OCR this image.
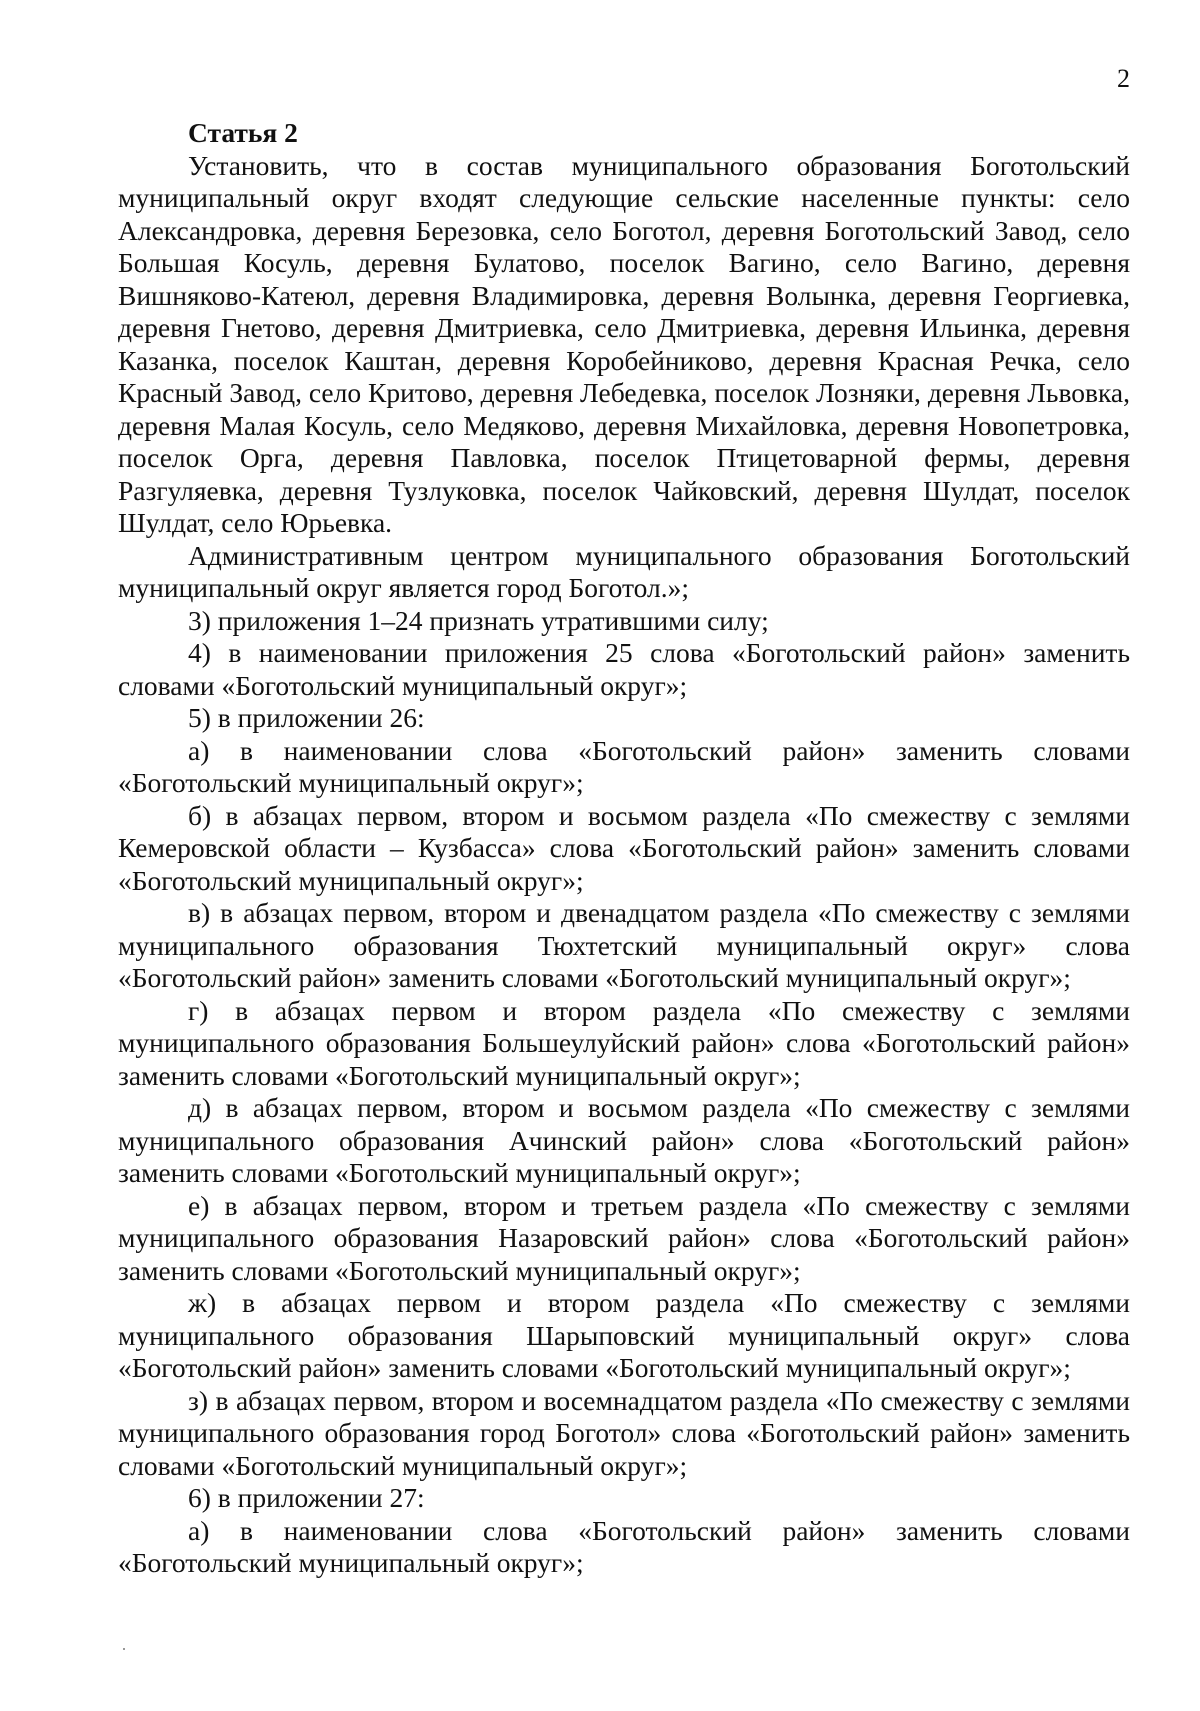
2

Статья 2

Установить, что в состав муниципального образования Боготольский муниципальный округ входят следующие сельские населенные пункты: село Александровка, деревня Березовка, село Боготол, деревня Боготольский Завод, село Большая Косуль, деревня Булатово, поселок Вагино, село Вагино, деревня Вишняково-Катеюл, деревня Владимировка, деревня Волынка, деревня Георгиевка, деревня Гнетово, деревня Дмитриевка, село Дмитриевка, деревня Ильинка, деревня Казанка, поселок Каштан, деревня Коробейниково, деревня Красная Речка, село Красный Завод, село Критово, деревня Лебедевка, поселок Лозняки, деревня Львовка, деревня Малая Косуль, село Медяково, деревня Михайловка, деревня Новопетровка, поселок Орга, деревня Павловка, поселок Птицетоварной фермы, деревня Разгуляевка, деревня Тузлуковка, поселок Чайковский, деревня Шулдат, поселок Шулдат, село Юрьевка.

Административным центром муниципального образования Боготольский муниципальный округ является город Боготол.»;

3) приложения 1–24 признать утратившими силу;

4) в наименовании приложения 25 слова «Боготольский район» заменить словами «Боготольский муниципальный округ»;

5) в приложении 26:

а) в наименовании слова «Боготольский район» заменить словами «Боготольский муниципальный округ»;

б) в абзацах первом, втором и восьмом раздела «По смежеству с землями Кемеровской области – Кузбасса» слова «Боготольский район» заменить словами «Боготольский муниципальный округ»;

в) в абзацах первом, втором и двенадцатом раздела «По смежеству с землями муниципального образования Тюхтетский муниципальный округ» слова «Боготольский район» заменить словами «Боготольский муниципальный округ»;

г) в абзацах первом и втором раздела «По смежеству с землями муниципального образования Большеулуйский район» слова «Боготольский район» заменить словами «Боготольский муниципальный округ»;

д) в абзацах первом, втором и восьмом раздела «По смежеству с землями муниципального образования Ачинский район» слова «Боготольский район» заменить словами «Боготольский муниципальный округ»;

е) в абзацах первом, втором и третьем раздела «По смежеству с землями муниципального образования Назаровский район» слова «Боготольский район» заменить словами «Боготольский муниципальный округ»;

ж) в абзацах первом и втором раздела «По смежеству с землями муниципального образования Шарыповский муниципальный округ» слова «Боготольский район» заменить словами «Боготольский муниципальный округ»;

з) в абзацах первом, втором и восемнадцатом раздела «По смежеству с землями муниципального образования город Боготол» слова «Боготольский район» заменить словами «Боготольский муниципальный округ»;

6) в приложении 27:

а) в наименовании слова «Боготольский район» заменить словами «Боготольский муниципальный округ»;
